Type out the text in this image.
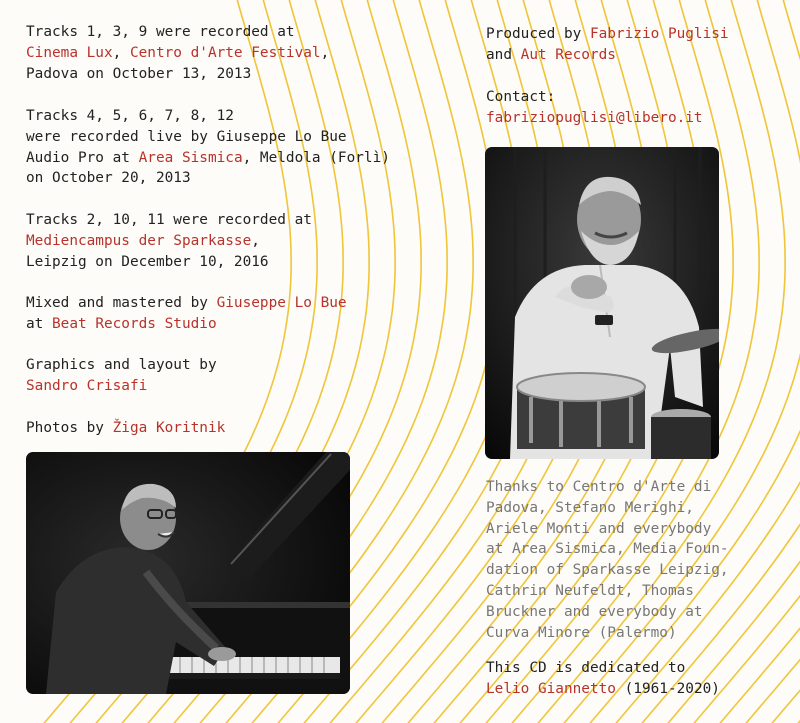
Tracks 1, 3, 9 were recorded at
Cinema Lux, Centro d'Arte Festival,
Padova on October 13, 2013

Tracks 4, 5, 6, 7, 8, 12
were recorded live by Giuseppe Lo Bue
Audio Pro at Area Sismica, Meldola (Forlì)
on October 20, 2013

Tracks 2, 10, 11 were recorded at
Mediencampus der Sparkasse,
Leipzig on December 10, 2016

Mixed and mastered by Giuseppe Lo Bue
at Beat Records Studio

Graphics and layout by
Sandro Crisafi

Photos by Žiga Koritnik

Produced by Fabrizio Puglisi
and Aut Records

Contact:
fabriziopuglisi@libero.it

Thanks to Centro d'Arte di
Padova, Stefano Merighi,
Ariele Monti and everybody
at Area Sismica, Media Foun-
dation of Sparkasse Leipzig,
Cathrin Neufeldt, Thomas
Bruckner and everybody at
Curva Minore (Palermo)

This CD is dedicated to
Lelio Giannetto (1961-2020)
